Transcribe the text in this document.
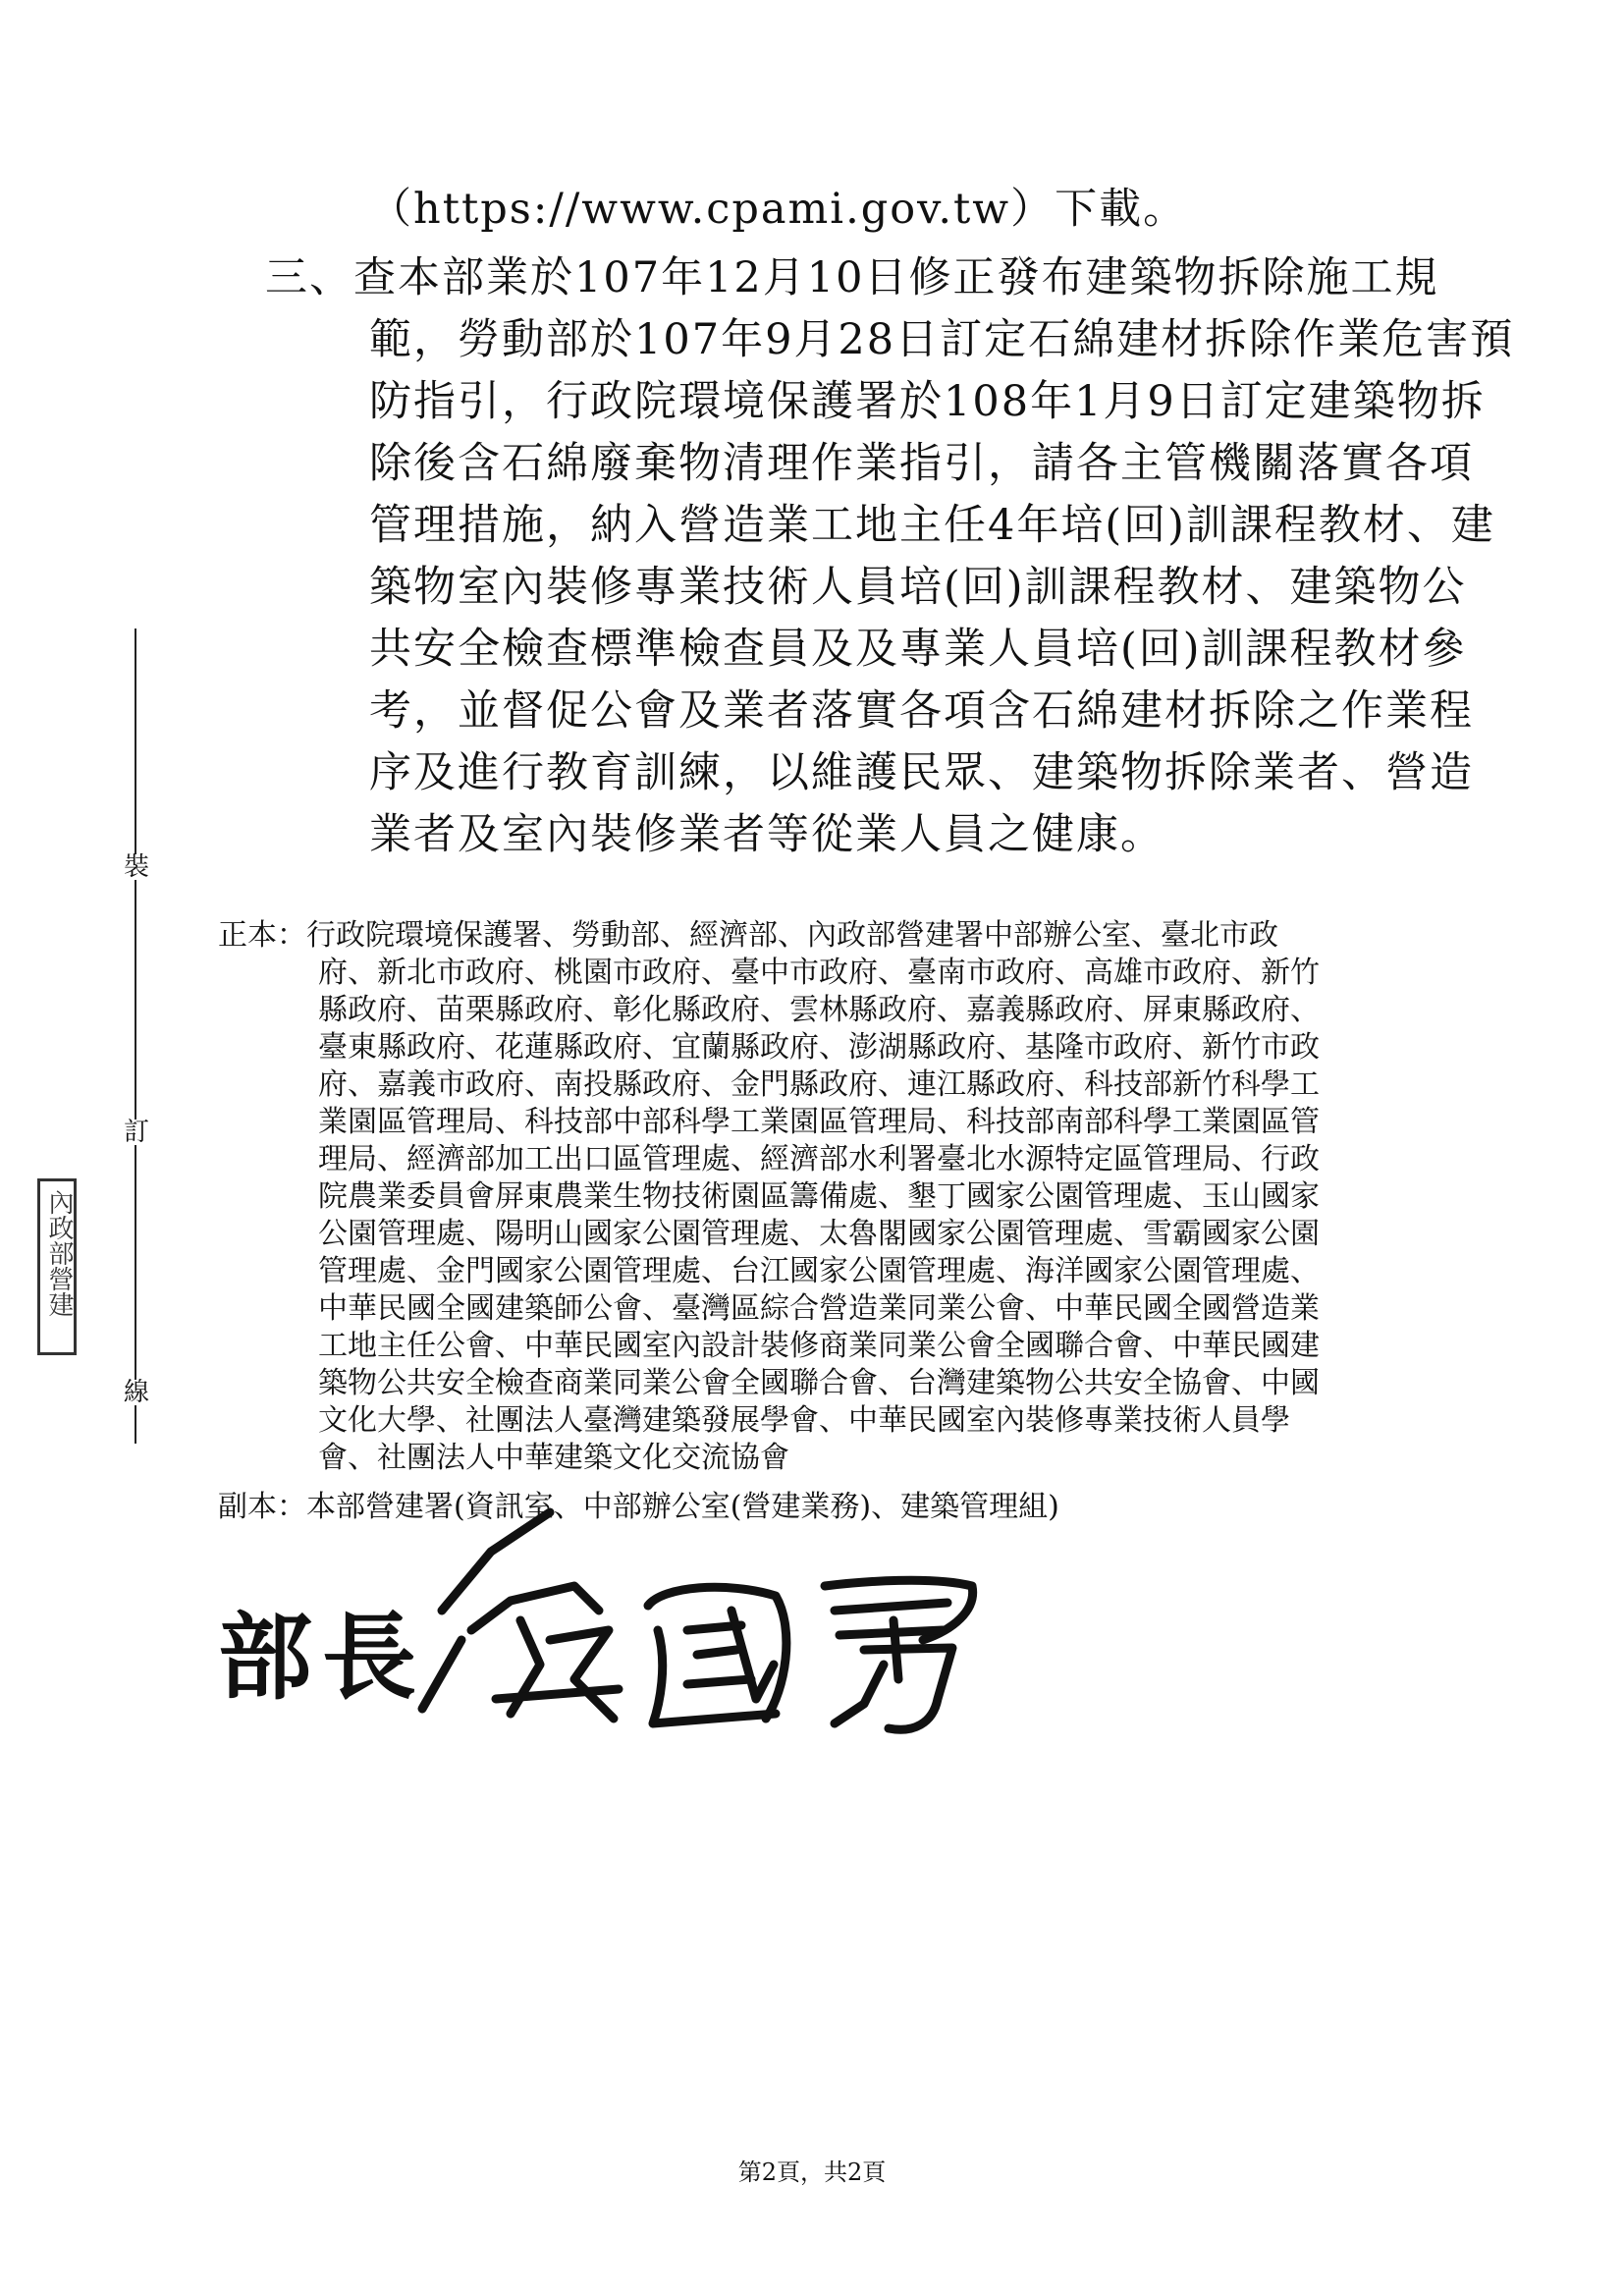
裝
訂
線
內政部營建
（https://www.cpami.gov.tw）下載。
三、查本部業於107年12月10日修正發布建築物拆除施工規
範，勞動部於107年9月28日訂定石綿建材拆除作業危害預
防指引，行政院環境保護署於108年1月9日訂定建築物拆
除後含石綿廢棄物清理作業指引，請各主管機關落實各項
管理措施，納入營造業工地主任4年培(回)訓課程教材、建
築物室內裝修專業技術人員培(回)訓課程教材、建築物公
共安全檢查標準檢查員及及專業人員培(回)訓課程教材參
考，並督促公會及業者落實各項含石綿建材拆除之作業程
序及進行教育訓練，以維護民眾、建築物拆除業者、營造
業者及室內裝修業者等從業人員之健康。
正本：行政院環境保護署、勞動部、經濟部、內政部營建署中部辦公室、臺北市政
府、新北市政府、桃園市政府、臺中市政府、臺南市政府、高雄市政府、新竹
縣政府、苗栗縣政府、彰化縣政府、雲林縣政府、嘉義縣政府、屏東縣政府、
臺東縣政府、花蓮縣政府、宜蘭縣政府、澎湖縣政府、基隆市政府、新竹市政
府、嘉義市政府、南投縣政府、金門縣政府、連江縣政府、科技部新竹科學工
業園區管理局、科技部中部科學工業園區管理局、科技部南部科學工業園區管
理局、經濟部加工出口區管理處、經濟部水利署臺北水源特定區管理局、行政
院農業委員會屏東農業生物技術園區籌備處、墾丁國家公園管理處、玉山國家
公園管理處、陽明山國家公園管理處、太魯閣國家公園管理處、雪霸國家公園
管理處、金門國家公園管理處、台江國家公園管理處、海洋國家公園管理處、
中華民國全國建築師公會、臺灣區綜合營造業同業公會、中華民國全國營造業
工地主任公會、中華民國室內設計裝修商業同業公會全國聯合會、中華民國建
築物公共安全檢查商業同業公會全國聯合會、台灣建築物公共安全協會、中國
文化大學、社團法人臺灣建築發展學會、中華民國室內裝修專業技術人員學
會、社團法人中華建築文化交流協會
副本：本部營建署(資訊室、中部辦公室(營建業務)、建築管理組)
部長
第2頁，共2頁
